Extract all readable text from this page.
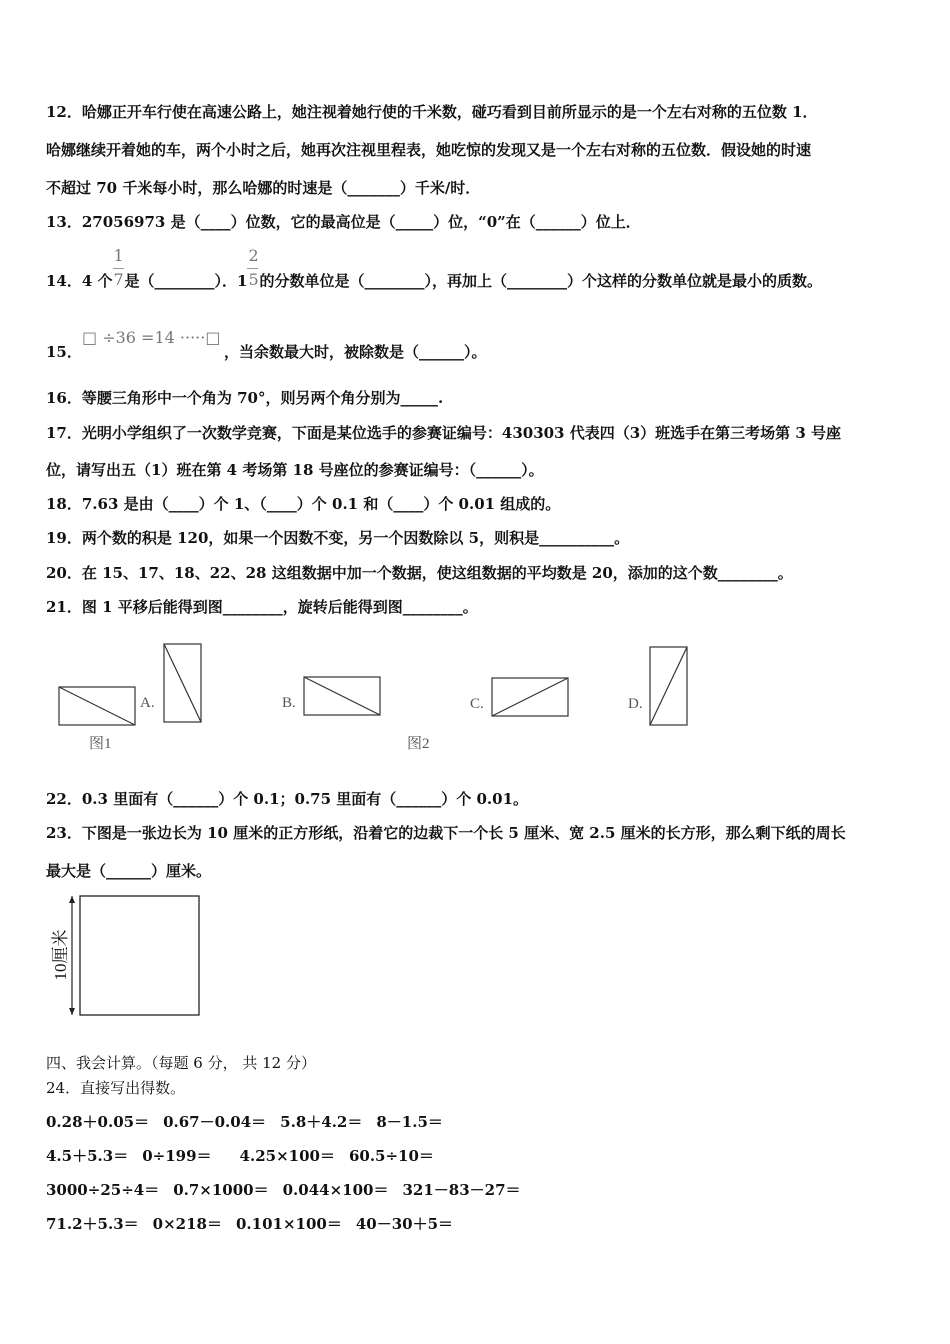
12．哈娜正开车行使在高速公路上，她注视着她行使的千米数，碰巧看到目前所显示的是一个左右对称的五位数 1．
哈娜继续开着她的车，两个小时之后，她再次注视里程表，她吃惊的发现又是一个左右对称的五位数．假设她的时速
不超过 70 千米每小时，那么哈娜的时速是（_______）千米/时．
13．27056973 是（____）位数，它的最高位是（_____）位，“0”在（______）位上．
14．4 个 $\frac{1}{7}$ 是（________）．$1 \frac{2}{5}$ 的分数单位是（________），再加上（________）个这样的分数单位就是最小的质数。
15．
□ ÷36 =14 ·····□
，当余数最大时，被除数是（______）。
16．等腰三角形中一个角为 70°，则另两个角分别为_____.
17．光明小学组织了一次数学竞赛，下面是某位选手的参赛证编号：430303 代表四（3）班选手在第三考场第 3 号座
位，请写出五（1）班在第 4 考场第 18 号座位的参赛证编号：（______）。
18．7.63 是由（____）个 1、（____）个 0.1 和（____）个 0.01 组成的。
19．两个数的积是 120，如果一个因数不变，另一个因数除以 5，则积是__________。
20．在 15、17、18、22、28 这组数据中加一个数据，使这组数据的平均数是 20，添加的这个数________。
21．图 1 平移后能得到图________，旋转后能得到图________。
A.	B.	C.	D.
图1	图2
22．0.3 里面有（______）个 0.1；0.75 里面有（______）个 0.01。
23．下图是一张边长为 10 厘米的正方形纸，沿着它的边裁下一个长 5 厘米、宽 2.5 厘米的长方形，那么剩下纸的周长
最大是（______）厘米。
10厘米
四、我会计算。（每题 6 分， 共 12 分）
24．直接写出得数。
0.28＋0.05＝ 0.67－0.04＝ 5.8＋4.2＝ 8－1.5＝
4.5＋5.3＝ 0÷199＝ 4.25×100＝ 60.5÷10＝
3000÷25÷4＝ 0.7×1000＝ 0.044×100＝ 321－83－27＝
71.2＋5.3＝ 0×218＝ 0.101×100＝ 40－30＋5＝
